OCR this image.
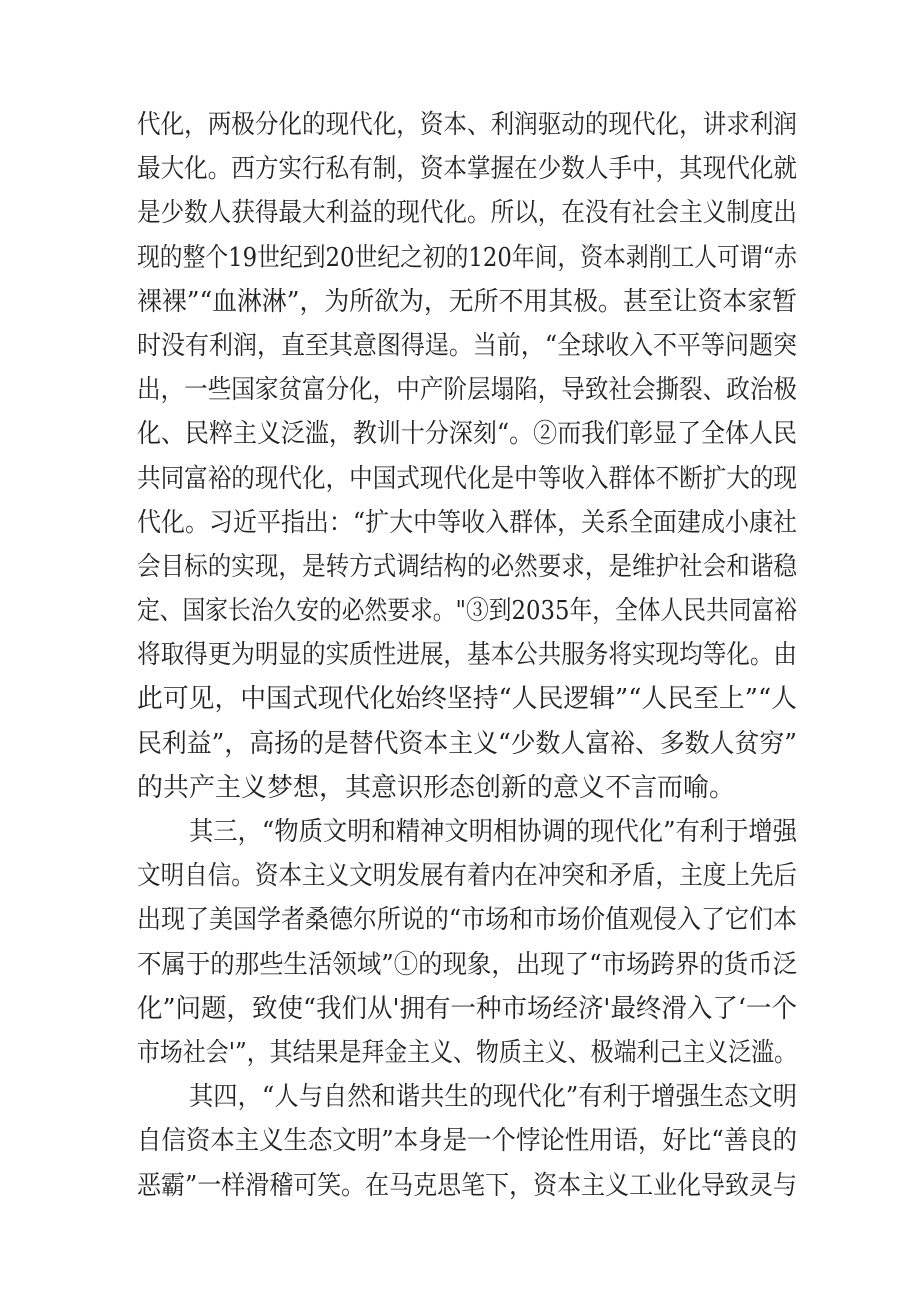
代化，两极分化的现代化，资本、利润驱动的现代化，讲求利润
最大化。西方实行私有制，资本掌握在少数人手中，其现代化就
是少数人获得最大利益的现代化。所以，在没有社会主义制度出
现的整个19世纪到20世纪之初的120年间，资本剥削工人可谓“赤
裸裸”“血淋淋”，为所欲为，无所不用其极。甚至让资本家暂
时没有利润，直至其意图得逞。当前，“全球收入不平等问题突
出，一些国家贫富分化，中产阶层塌陷，导致社会撕裂、政治极
化、民粹主义泛滥，教训十分深刻“。②而我们彰显了全体人民
共同富裕的现代化，中国式现代化是中等收入群体不断扩大的现
代化。习近平指出：“扩大中等收入群体，关系全面建成小康社
会目标的实现，是转方式调结构的必然要求，是维护社会和谐稳
定、国家长治久安的必然要求。"③到2035年，全体人民共同富裕
将取得更为明显的实质性进展，基本公共服务将实现均等化。由
此可见，中国式现代化始终坚持“人民逻辑”“人民至上”“人
民利益”，高扬的是替代资本主义“少数人富裕、多数人贫穷”
的共产主义梦想，其意识形态创新的意义不言而喻。
其三，“物质文明和精神文明相协调的现代化”有利于增强
文明自信。资本主义文明发展有着内在冲突和矛盾，主度上先后
出现了美国学者桑德尔所说的“市场和市场价值观侵入了它们本
不属于的那些生活领域”①的现象，出现了“市场跨界的货币泛
化”问题，致使“我们从'拥有一种市场经济'最终滑入了‘一个
市场社会'”，其结果是拜金主义、物质主义、极端利己主义泛滥。
其四，“人与自然和谐共生的现代化”有利于增强生态文明
自信资本主义生态文明”本身是一个悖论性用语，好比“善良的
恶霸”一样滑稽可笑。在马克思笔下，资本主义工业化导致灵与
